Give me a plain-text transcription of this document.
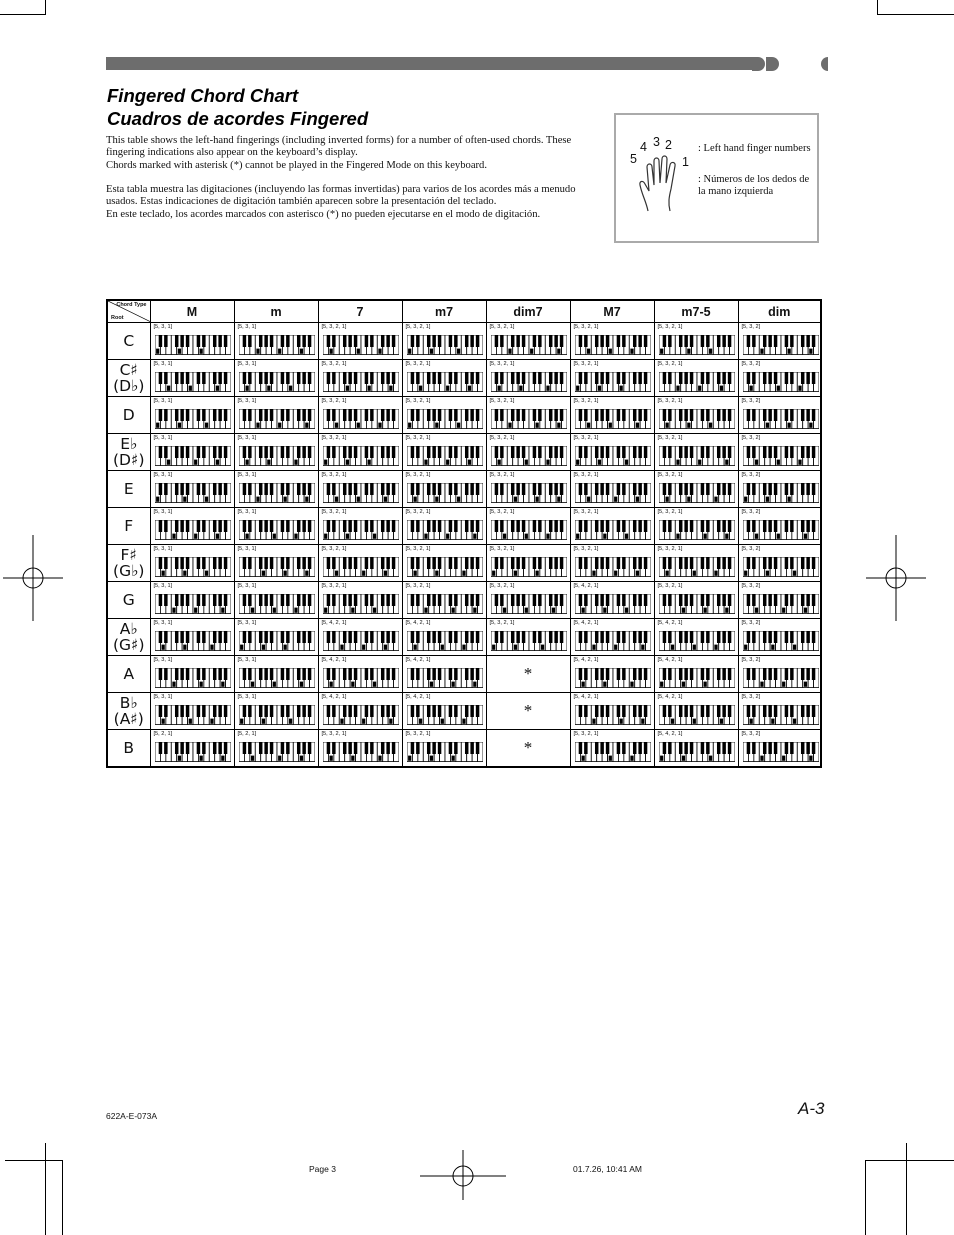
Fingered Chord Chart
Cuadros de acordes Fingered

This table shows the left-hand fingerings (including inverted forms) for a number of often-used chords. These fingering indications also appear on the keyboard’s display.

Chords marked with asterisk (*) cannot be played in the Fingered Mode on this keyboard.

Esta tabla muestra las digitaciones (incluyendo las formas invertidas) para varios de los acordes más a menudo usados. Estas indicaciones de digitación también aparecen sobre la presentación del teclado.

En este teclado, los acordes marcados con asterisco (*) no pueden ejecutarse en el modo de digitación.

5
4 3 2
1
: Left hand finger numbers
: Números de los dedos de la mano izquierda
Chord Type
Root	M	m	7	m7	dim7	M7	m7-5	dim

C	[5, 3, 1]	[5, 3, 1]	[5, 3, 2, 1]	[5, 3, 2, 1]	[5, 3, 2, 1]	[5, 3, 2, 1]	[5, 3, 2, 1]	[5, 3, 2]

C♯
(D♭)	[5, 3, 1]	[5, 3, 1]	[5, 3, 2, 1]	[5, 3, 2, 1]	[5, 3, 2, 1]	[5, 3, 2, 1]	[5, 3, 2, 1]	[5, 3, 2]

D	[5, 3, 1]	[5, 3, 1]	[5, 3, 2, 1]	[5, 3, 2, 1]	[5, 3, 2, 1]	[5, 3, 2, 1]	[5, 3, 2, 1]	[5, 3, 2]

E♭
(D♯)	[5, 3, 1]	[5, 3, 1]	[5, 3, 2, 1]	[5, 3, 2, 1]	[5, 3, 2, 1]	[5, 3, 2, 1]	[5, 3, 2, 1]	[5, 3, 2]

E	[5, 3, 1]	[5, 3, 1]	[5, 3, 2, 1]	[5, 3, 2, 1]	[5, 3, 2, 1]	[5, 3, 2, 1]	[5, 3, 2, 1]	[5, 3, 2]

F	[5, 3, 1]	[5, 3, 1]	[5, 3, 2, 1]	[5, 3, 2, 1]	[5, 3, 2, 1]	[5, 3, 2, 1]	[5, 3, 2, 1]	[5, 3, 2]

F♯
(G♭)	[5, 3, 1]	[5, 3, 1]	[5, 3, 2, 1]	[5, 3, 2, 1]	[5, 3, 2, 1]	[5, 3, 2, 1]	[5, 3, 2, 1]	[5, 3, 2]

G	[5, 3, 1]	[5, 3, 1]	[5, 3, 2, 1]	[5, 3, 2, 1]	[5, 3, 2, 1]	[5, 4, 2, 1]	[5, 3, 2, 1]	[5, 3, 2]

A♭
(G♯)	[5, 3, 1]	[5, 3, 1]	[5, 4, 2, 1]	[5, 4, 2, 1]	[5, 3, 2, 1]	[5, 4, 2, 1]	[5, 4, 2, 1]	[5, 3, 2]

A	[5, 3, 1]	[5, 3, 1]	[5, 4, 2, 1]	[5, 4, 2, 1]	*	[5, 4, 2, 1]	[5, 4, 2, 1]	[5, 3, 2]

B♭
(A♯)	[5, 3, 1]	[5, 3, 1]	[5, 4, 2, 1]	[5, 4, 2, 1]	*	[5, 4, 2, 1]	[5, 4, 2, 1]	[5, 3, 2]

B	[5, 2, 1]	[5, 2, 1]	[5, 3, 2, 1]	[5, 3, 2, 1]	*	[5, 3, 2, 1]	[5, 4, 2, 1]	[5, 3, 2]
A-3
622A-E-073A
Page 3	01.7.26, 10:41 AM
